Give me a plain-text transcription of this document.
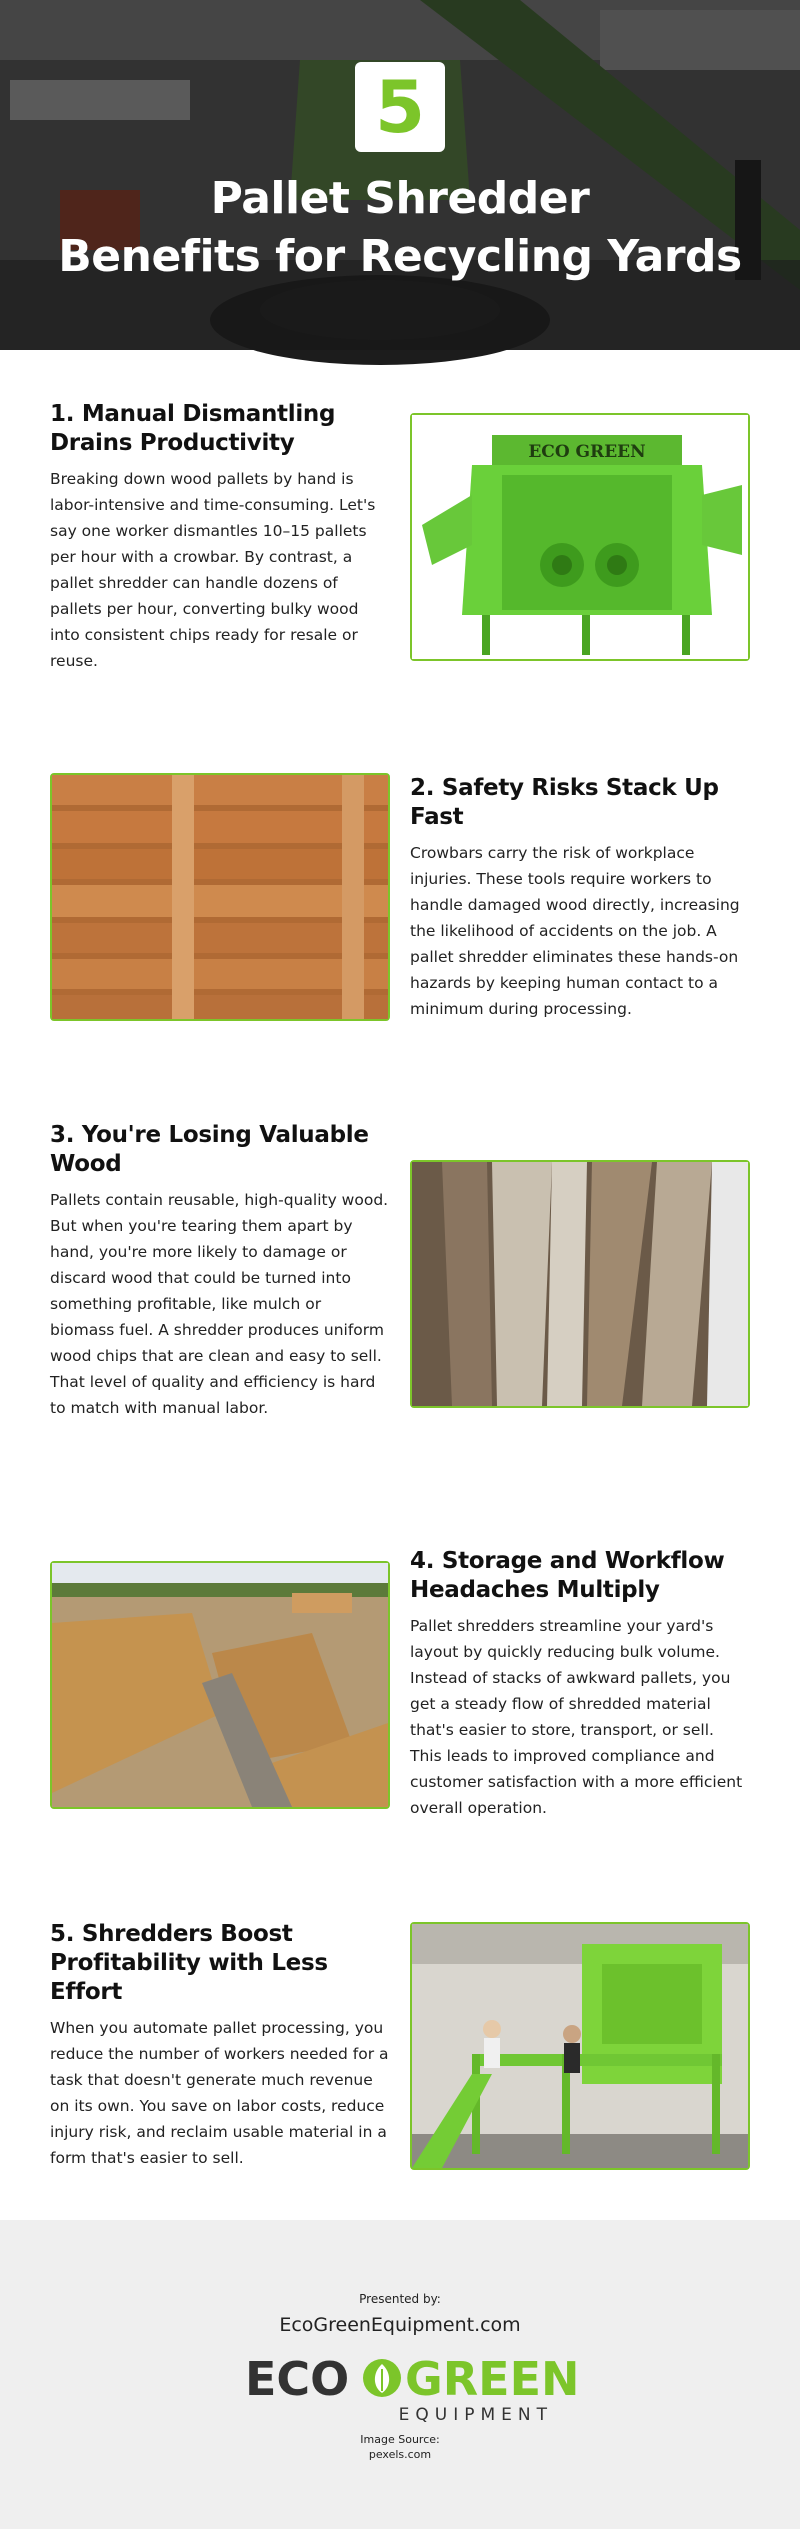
5
Pallet Shredder
Benefits for Recycling Yards
1. Manual Dismantling Drains Productivity

Breaking down wood pallets by hand is labor-intensive and time-consuming. Let's say one worker dismantles 10–15 pallets per hour with a crowbar. By contrast, a pallet shredder can handle dozens of pallets per hour, converting bulky wood into consistent chips ready for resale or reuse.

ECO GREEN
2. Safety Risks Stack Up Fast

Crowbars carry the risk of workplace injuries. These tools require workers to handle damaged wood directly, increasing the likelihood of accidents on the job. A pallet shredder eliminates these hands-on hazards by keeping human contact to a minimum during processing.

3. You're Losing Valuable Wood

Pallets contain reusable, high-quality wood. But when you're tearing them apart by hand, you're more likely to damage or discard wood that could be turned into something profitable, like mulch or biomass fuel. A shredder produces uniform wood chips that are clean and easy to sell. That level of quality and efficiency is hard to match with manual labor.

4. Storage and Workflow Headaches Multiply

Pallet shredders streamline your yard's layout by quickly reducing bulk volume. Instead of stacks of awkward pallets, you get a steady flow of shredded material that's easier to store, transport, or sell. This leads to improved compliance and customer satisfaction with a more efficient overall operation.

5. Shredders Boost Profitability with Less Effort

When you automate pallet processing, you reduce the number of workers needed for a task that doesn't generate much revenue on its own. You save on labor costs, reduce injury risk, and reclaim usable material in a form that's easier to sell.

Presented by:
EcoGreenEquipment.com
ECO GREEN
EQUIPMENT
Image Source:
pexels.com
